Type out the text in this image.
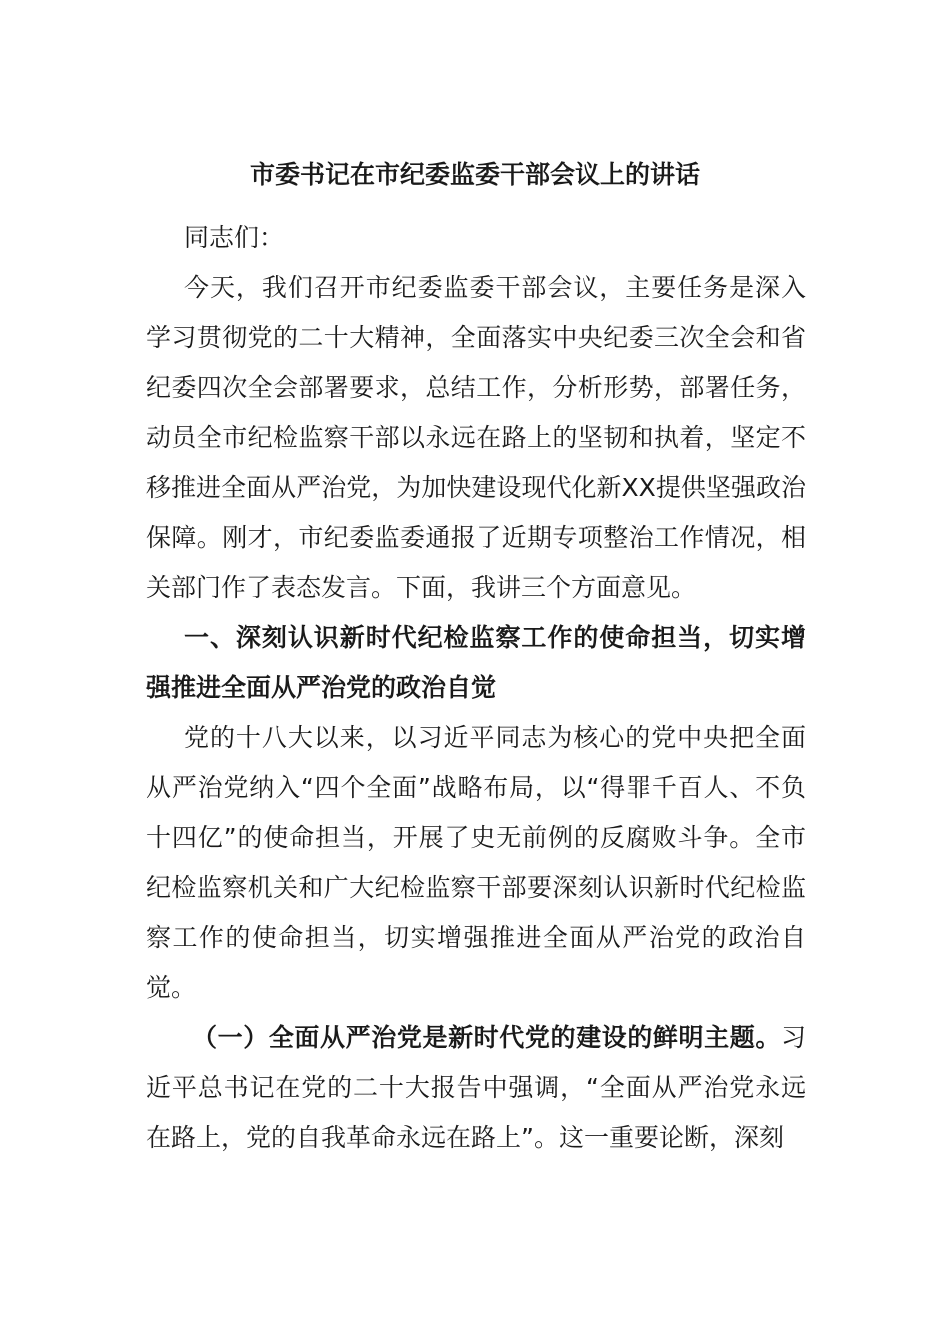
市委书记在市纪委监委干部会议上的讲话

同志们：

今天，我们召开市纪委监委干部会议，主要任务是深入学习贯彻党的二十大精神，全面落实中央纪委三次全会和省纪委四次全会部署要求，总结工作，分析形势，部署任务，动员全市纪检监察干部以永远在路上的坚韧和执着，坚定不移推进全面从严治党，为加快建设现代化新XX提供坚强政治保障。刚才，市纪委监委通报了近期专项整治工作情况，相关部门作了表态发言。下面，我讲三个方面意见。

一、深刻认识新时代纪检监察工作的使命担当，切实增强推进全面从严治党的政治自觉

党的十八大以来，以习近平同志为核心的党中央把全面从严治党纳入“四个全面”战略布局，以“得罪千百人、不负十四亿”的使命担当，开展了史无前例的反腐败斗争。全市纪检监察机关和广大纪检监察干部要深刻认识新时代纪检监察工作的使命担当，切实增强推进全面从严治党的政治自觉。

（一）全面从严治党是新时代党的建设的鲜明主题。习近平总书记在党的二十大报告中强调，“全面从严治党永远在路上，党的自我革命永远在路上”。这一重要论断，深刻
